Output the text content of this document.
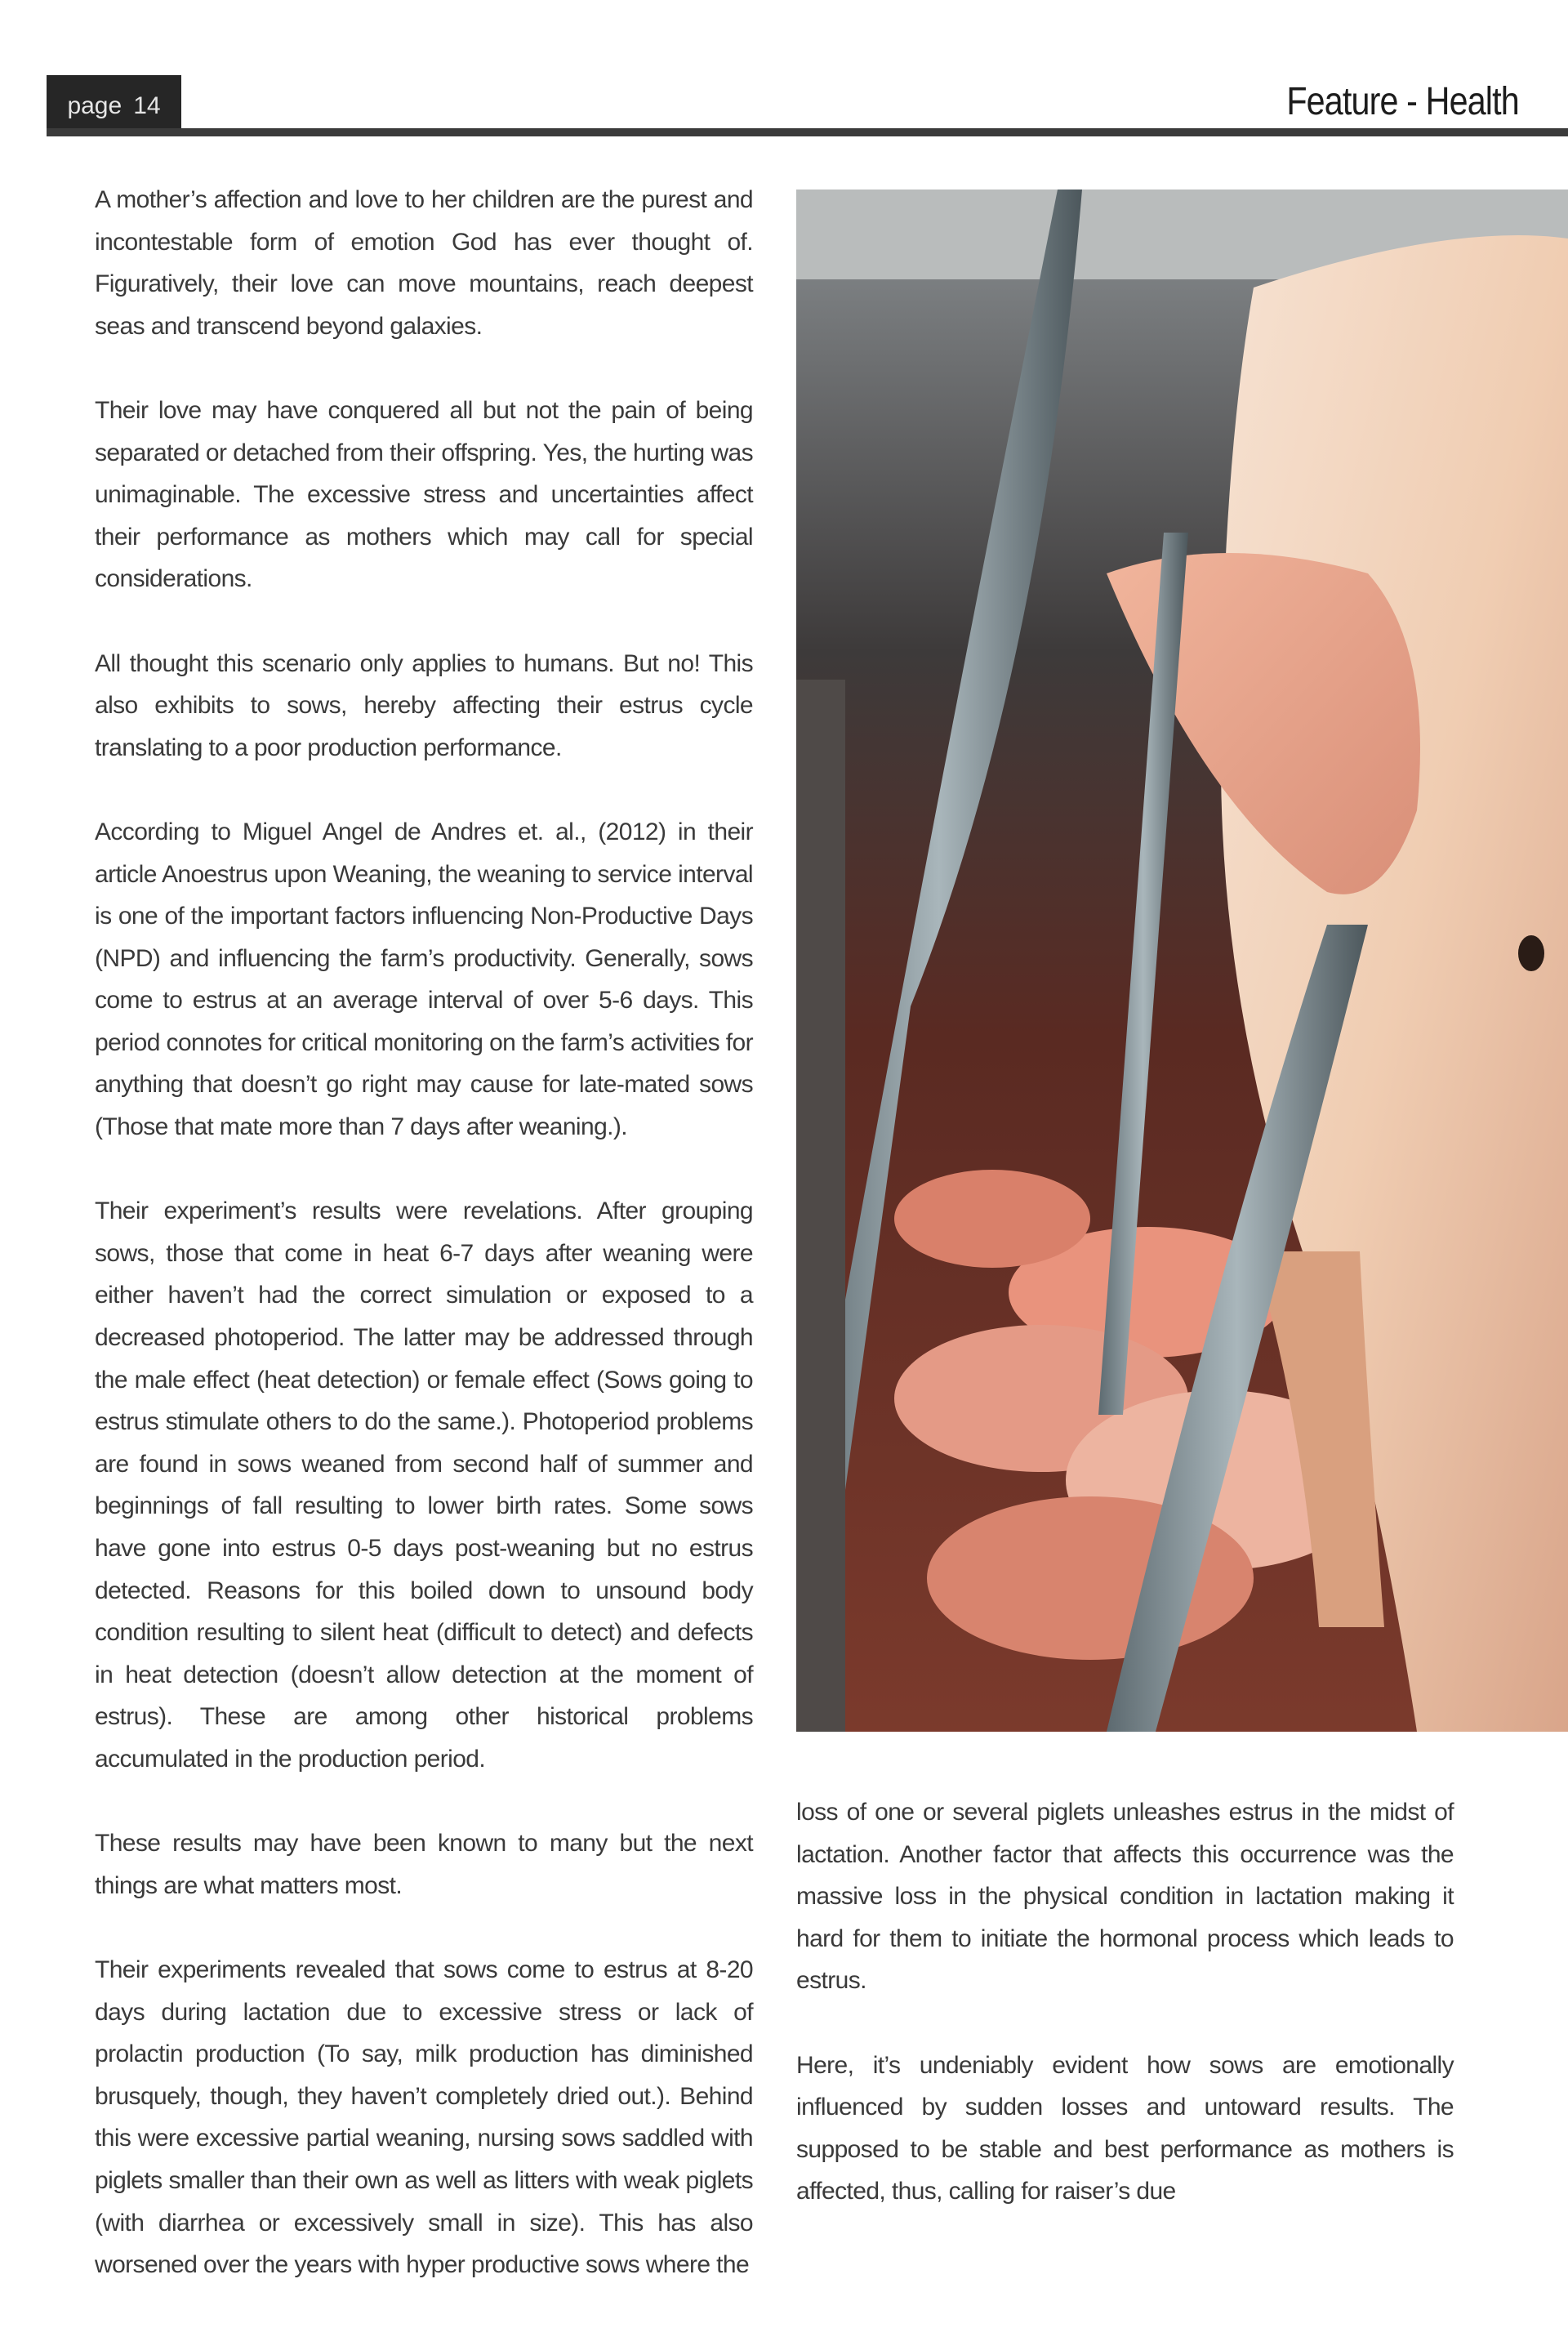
page 14	Feature - Health

A mother’s affection and love to her children are the purest and incontestable form of emotion God has ever thought of. Figuratively, their love can move mountains, reach deepest seas and transcend beyond galaxies.

Their love may have conquered all but not the pain of being separated or detached from their offspring. Yes, the hurting was unimaginable. The excessive stress and uncertainties affect their performance as mothers which may call for special considerations.

All thought this scenario only applies to humans. But no! This also exhibits to sows, hereby affecting their estrus cycle translating to a poor production performance.

According to Miguel Angel de Andres et. al., (2012) in their article Anoestrus upon Weaning, the weaning to service interval is one of the important factors influencing Non-Productive Days (NPD) and influencing the farm’s productivity. Generally, sows come to estrus at an average interval of over 5-6 days. This period connotes for critical monitoring on the farm’s activities for anything that doesn’t go right may cause for late-mated sows (Those that mate more than 7 days after weaning.).

Their experiment’s results were revelations. After grouping sows, those that come in heat 6-7 days after weaning were either haven’t had the correct simulation or exposed to a decreased photoperiod. The latter may be addressed through the male effect (heat detection) or female effect (Sows going to estrus stimulate others to do the same.). Photoperiod problems are found in sows weaned from second half of summer and beginnings of fall resulting to lower birth rates. Some sows have gone into estrus 0-5 days post-weaning but no estrus detected. Reasons for this boiled down to unsound body condition resulting to silent heat (difficult to detect) and defects in heat detection (doesn’t allow detection at the moment of estrus). These are among other historical problems accumulated in the production period.

These results may have been known to many but the next things are what matters most.

Their experiments revealed that sows come to estrus at 8-20 days during lactation due to excessive stress or lack of prolactin production (To say, milk production has diminished brusquely, though, they haven’t completely dried out.). Behind this were excessive partial weaning, nursing sows saddled with piglets smaller than their own as well as litters with weak piglets (with diarrhea or excessively small in size). This has also worsened over the years with hyper productive sows where the

loss of one or several piglets unleashes estrus in the midst of lactation. Another factor that affects this occurrence was the massive loss in the physical condition in lactation making it hard for them to initiate the hormonal process which leads to estrus.

Here, it’s undeniably evident how sows are emotionally influenced by sudden losses and untoward results. The supposed to be stable and best performance as mothers is affected, thus, calling for raiser’s due
